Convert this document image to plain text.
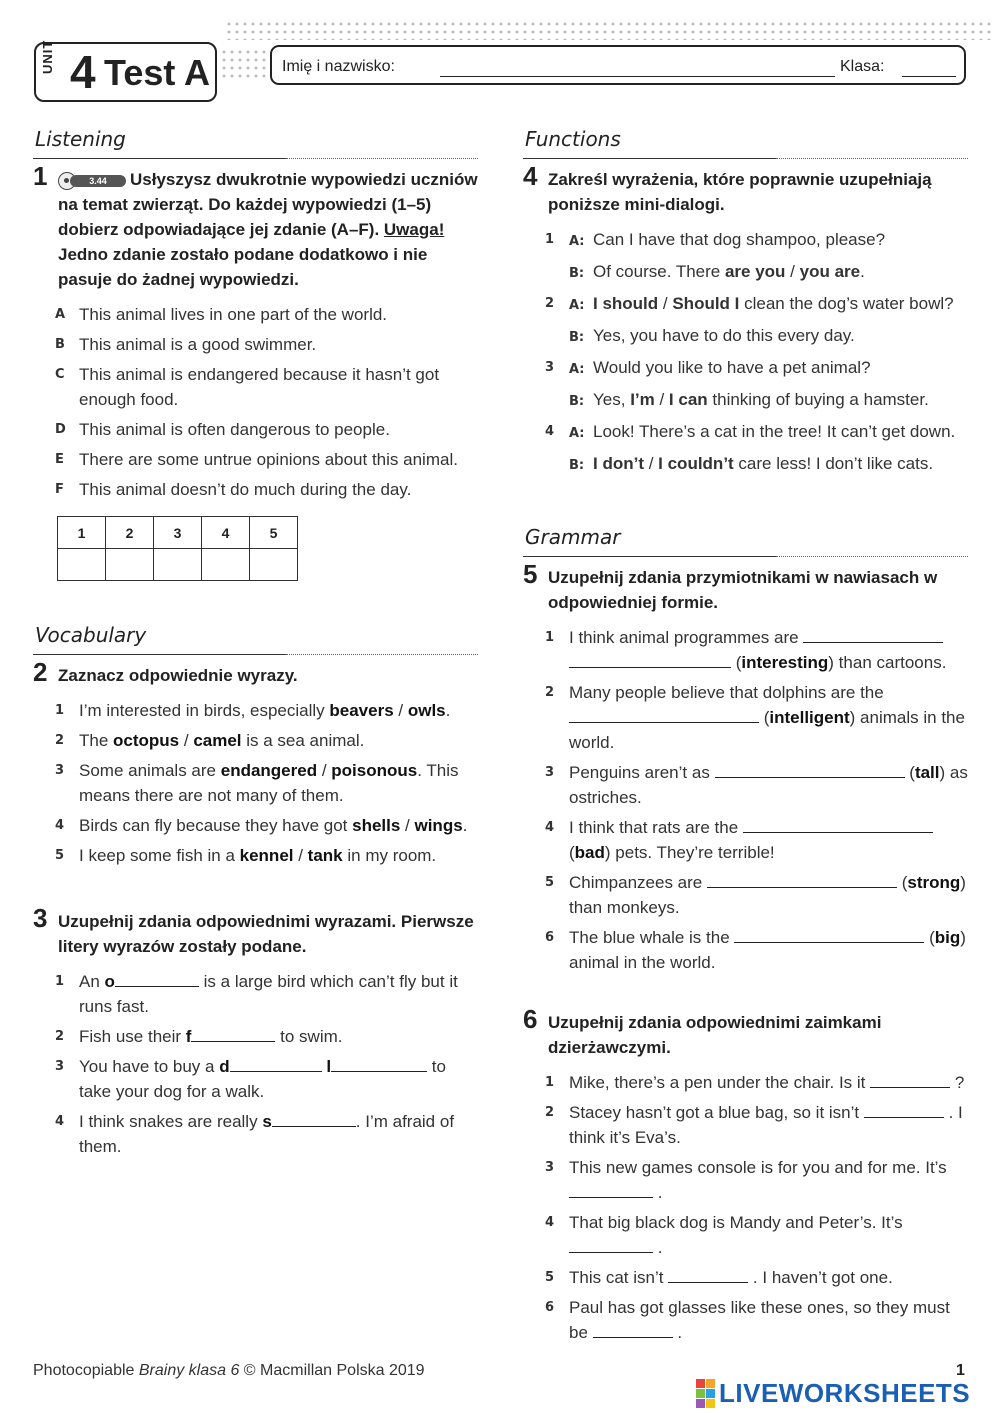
UNIT 4 Test A	Imię i nazwisko:	Klasa:
Listening
1	3.44	Usłyszysz dwukrotnie wypowiedzi uczniów na temat zwierząt. Do każdej wypowiedzi (1–5) dobierz odpowiadające jej zdanie (A–F). Uwaga! Jedno zdanie zostało podane dodatkowo i nie pasuje do żadnej wypowiedzi.
A This animal lives in one part of the world.
B This animal is a good swimmer.
C This animal is endangered because it hasn’t got enough food.
D This animal is often dangerous to people.
E There are some untrue opinions about this animal.
F This animal doesn’t do much during the day.
1	2	3	4	5

Vocabulary
2 Zaznacz odpowiednie wyrazy.
1 I’m interested in birds, especially beavers / owls.
2 The octopus / camel is a sea animal.
3 Some animals are endangered / poisonous. This means there are not many of them.
4 Birds can fly because they have got shells / wings.
5 I keep some fish in a kennel / tank in my room.
3 Uzupełnij zdania odpowiednimi wyrazami. Pierwsze litery wyrazów zostały podane.
1 An o	is a large bird which can’t fly but it runs fast.
2 Fish use their f	to swim.
3 You have to buy a d	l	to take your dog for a walk.
4 I think snakes are really s	. I’m afraid of them.
Functions
4 Zakreśl wyrażenia, które poprawnie uzupełniają poniższe mini-dialogi.
1 A: Can I have that dog shampoo, please?
B: Of course. There are you / you are.
2 A: I should / Should I clean the dog’s water bowl?
B: Yes, you have to do this every day.
3 A: Would you like to have a pet animal?
B: Yes, I’m / I can thinking of buying a hamster.
4 A: Look! There’s a cat in the tree! It can’t get down.
B: I don’t / I couldn’t care less! I don’t like cats.
Grammar
5 Uzupełnij zdania przymiotnikami w nawiasach w odpowiedniej formie.
1 I think animal programmes are
(interesting) than cartoons.
2 Many people believe that dolphins are the
(intelligent) animals in the world.
3 Penguins aren’t as	(tall) as ostriches.
4 I think that rats are the  (bad) pets. They’re terrible!
5 Chimpanzees are	(strong) than monkeys.
6 The blue whale is the	(big) animal in the world.
6 Uzupełnij zdania odpowiednimi zaimkami dzierżawczymi.
1 Mike, there’s a pen under the chair. Is it	?
2 Stacey hasn’t got a blue bag, so it isn’t	. I think it’s Eva’s.
3 This new games console is for you and for me. It’s  .
4 That big black dog is Mandy and Peter’s. It’s  .
5 This cat isn’t	. I haven’t got one.
6 Paul has got glasses like these ones, so they must be	.
Photocopiable Brainy klasa 6 © Macmillan Polska 2019	1
LIVEWORKSHEETS
